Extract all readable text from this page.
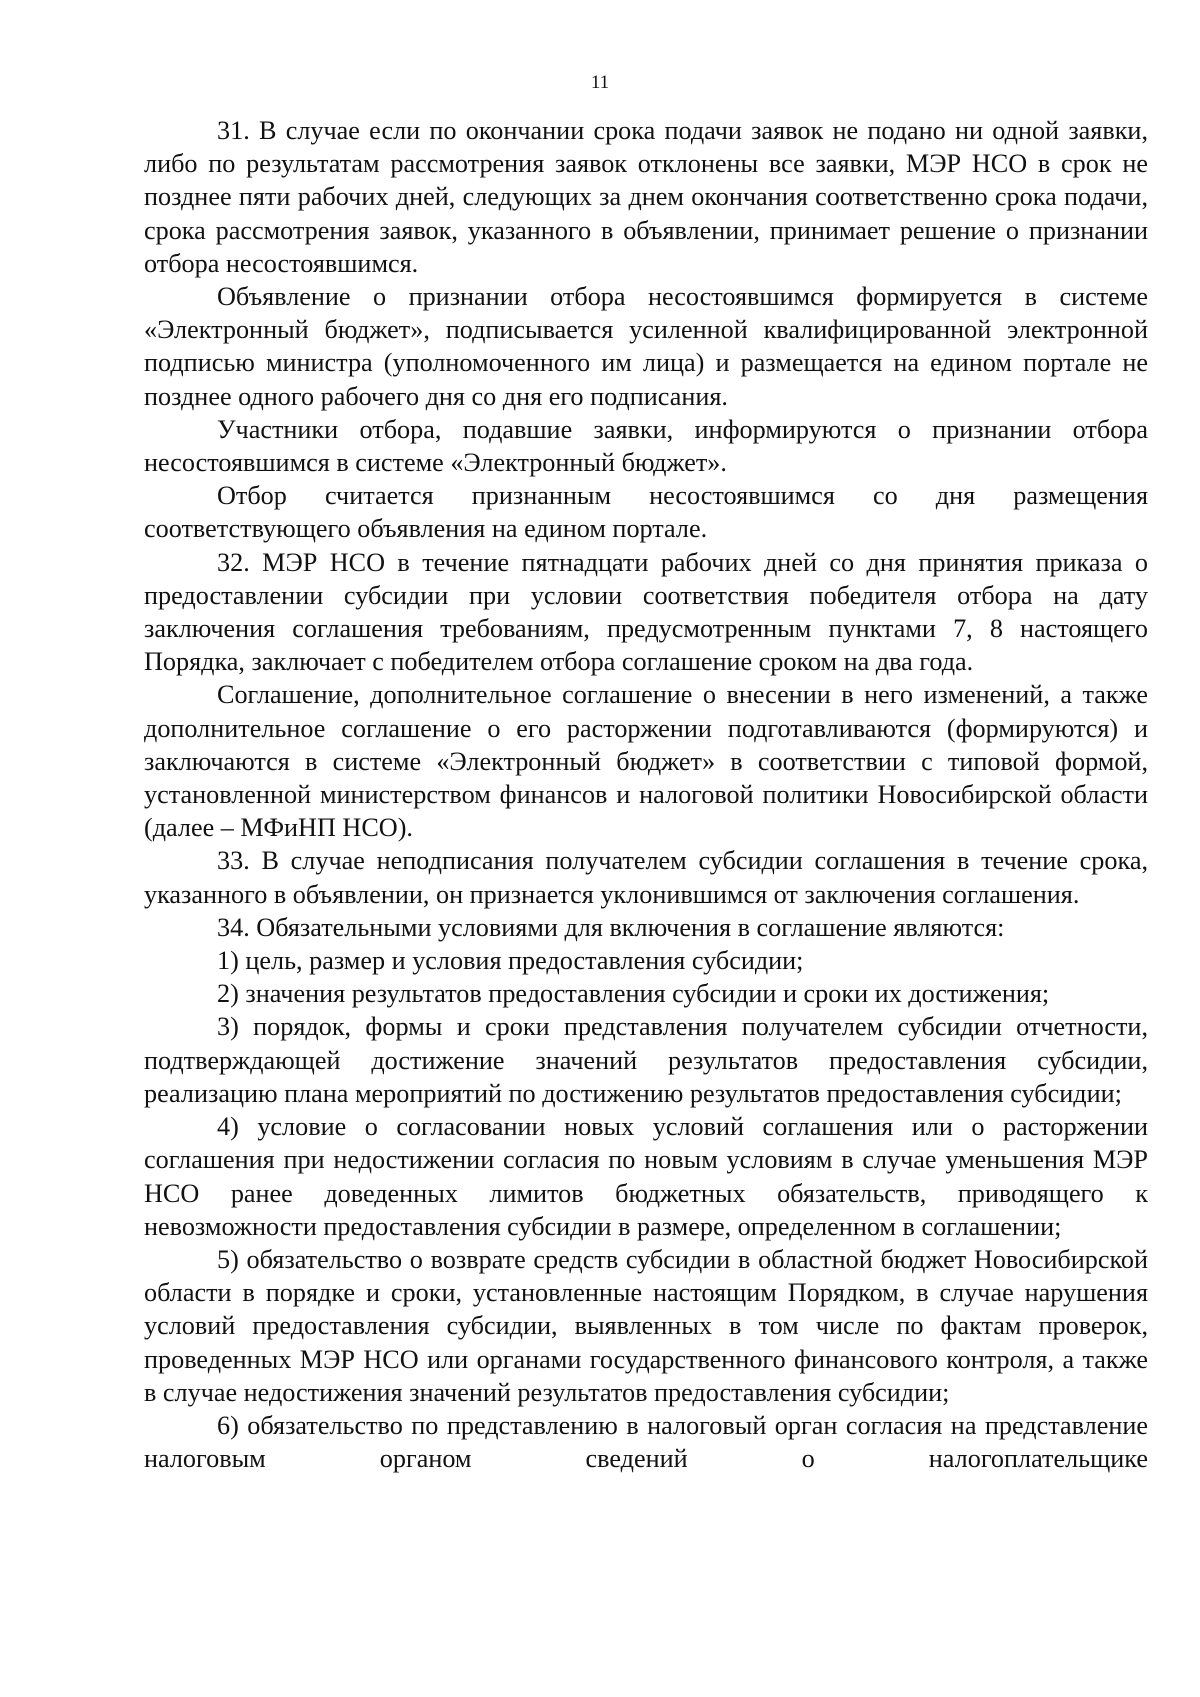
11

31. В случае если по окончании срока подачи заявок не подано ни одной заявки, либо по результатам рассмотрения заявок отклонены все заявки, МЭР НСО в срок не позднее пяти рабочих дней, следующих за днем окончания соответственно срока подачи, срока рассмотрения заявок, указанного в объявлении, принимает решение о признании отбора несостоявшимся.

Объявление о признании отбора несостоявшимся формируется в системе «Электронный бюджет», подписывается усиленной квалифицированной электронной подписью министра (уполномоченного им лица) и размещается на едином портале не позднее одного рабочего дня со дня его подписания.

Участники отбора, подавшие заявки, информируются о признании отбора несостоявшимся в системе «Электронный бюджет».

Отбор считается признанным несостоявшимся со дня размещения соответствующего объявления на едином портале.

32. МЭР НСО в течение пятнадцати рабочих дней со дня принятия приказа о предоставлении субсидии при условии соответствия победителя отбора на дату заключения соглашения требованиям, предусмотренным пунктами 7, 8 настоящего Порядка, заключает с победителем отбора соглашение сроком на два года.

Соглашение, дополнительное соглашение о внесении в него изменений, а также дополнительное соглашение о его расторжении подготавливаются (формируются) и заключаются в системе «Электронный бюджет» в соответствии с типовой формой, установленной министерством финансов и налоговой политики Новосибирской области (далее – МФиНП НСО).

33. В случае неподписания получателем субсидии соглашения в течение срока, указанного в объявлении, он признается уклонившимся от заключения соглашения.

34. Обязательными условиями для включения в соглашение являются:

1) цель, размер и условия предоставления субсидии;

2) значения результатов предоставления субсидии и сроки их достижения;

3) порядок, формы и сроки представления получателем субсидии отчетности, подтверждающей достижение значений результатов предоставления субсидии, реализацию плана мероприятий по достижению результатов предоставления субсидии;

4) условие о согласовании новых условий соглашения или о расторжении соглашения при недостижении согласия по новым условиям в случае уменьшения МЭР НСО ранее доведенных лимитов бюджетных обязательств, приводящего к невозможности предоставления субсидии в размере, определенном в соглашении;

5) обязательство о возврате средств субсидии в областной бюджет Новосибирской области в порядке и сроки, установленные настоящим Порядком, в случае нарушения условий предоставления субсидии, выявленных в том числе по фактам проверок, проведенных МЭР НСО или органами государственного финансового контроля, а также в случае недостижения значений результатов предоставления субсидии;

6) обязательство по представлению в налоговый орган согласия на представление налоговым органом сведений о налогоплательщике
